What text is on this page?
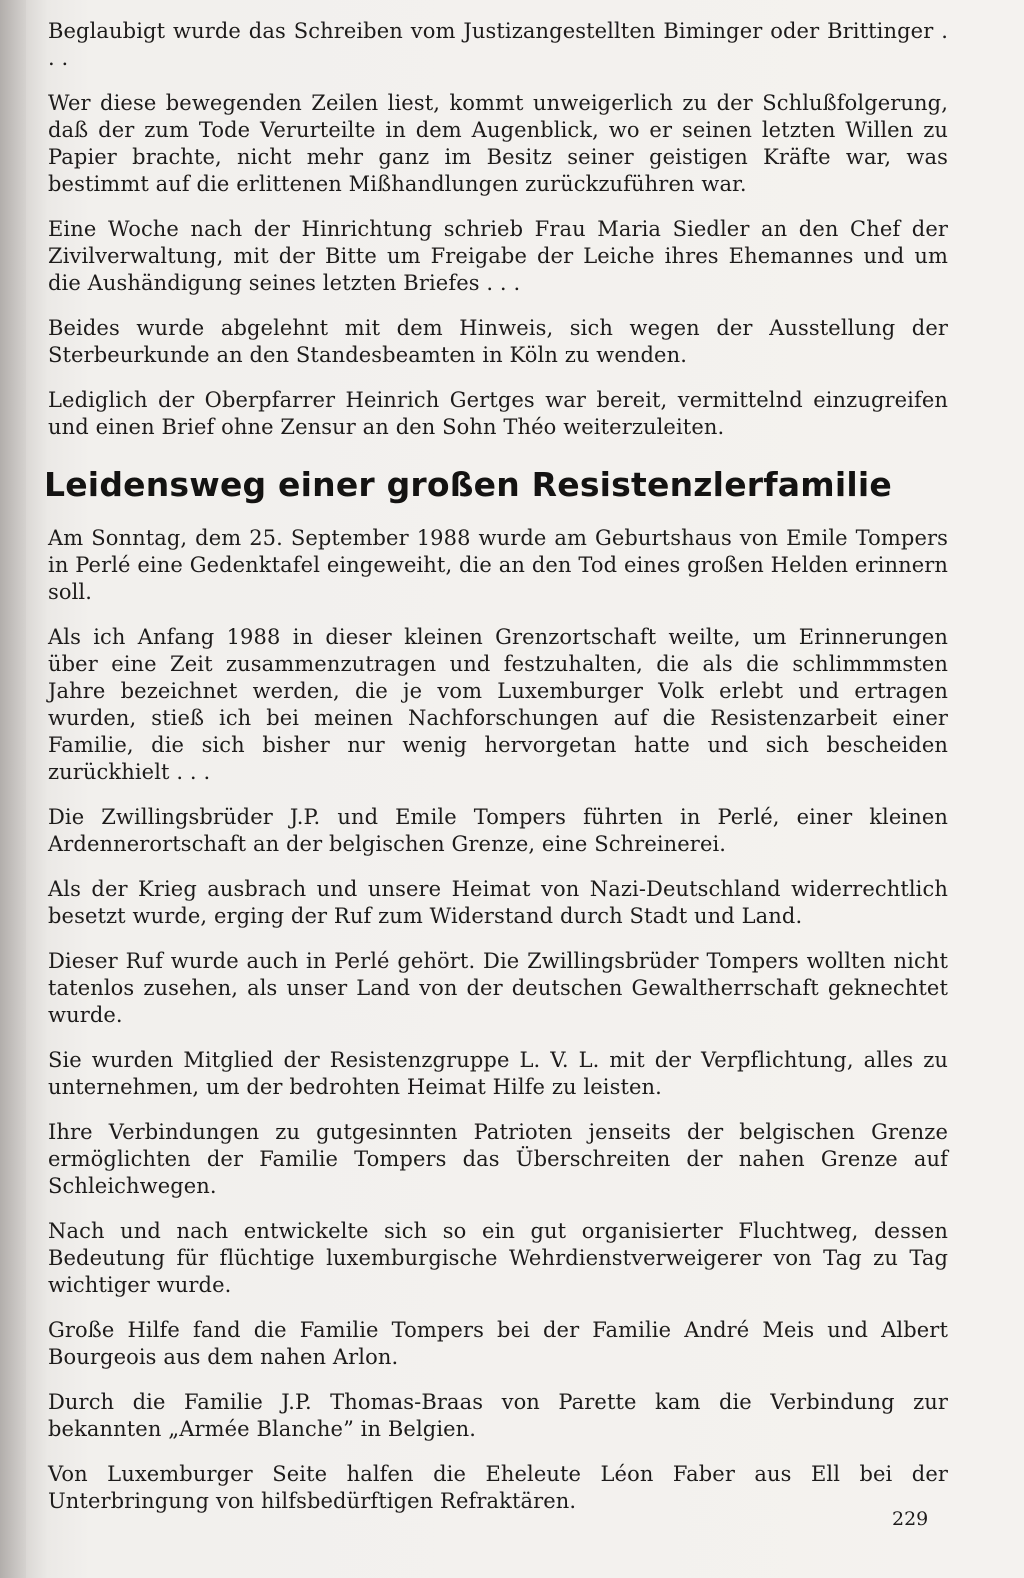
Beglaubigt wurde das Schreiben vom Justizangestellten Biminger oder Brittinger . . .

Wer diese bewegenden Zeilen liest, kommt unweigerlich zu der Schlußfolgerung, daß der zum Tode Verurteilte in dem Augenblick, wo er seinen letzten Willen zu Papier brachte, nicht mehr ganz im Besitz seiner geistigen Kräfte war, was bestimmt auf die erlittenen Mißhandlungen zurückzuführen war.

Eine Woche nach der Hinrichtung schrieb Frau Maria Siedler an den Chef der Zivilverwaltung, mit der Bitte um Freigabe der Leiche ihres Ehemannes und um die Aushändigung seines letzten Briefes . . .

Beides wurde abgelehnt mit dem Hinweis, sich wegen der Ausstellung der Sterbeurkunde an den Standesbeamten in Köln zu wenden.

Lediglich der Oberpfarrer Heinrich Gertges war bereit, vermittelnd einzugreifen und einen Brief ohne Zensur an den Sohn Théo weiterzuleiten.

Leidensweg einer großen Resistenzlerfamilie

Am Sonntag, dem 25. September 1988 wurde am Geburtshaus von Emile Tompers in Perlé eine Gedenktafel eingeweiht, die an den Tod eines großen Helden erinnern soll.

Als ich Anfang 1988 in dieser kleinen Grenzortschaft weilte, um Erinnerungen über eine Zeit zusammenzutragen und festzuhalten, die als die schlimmmsten Jahre bezeichnet werden, die je vom Luxemburger Volk erlebt und ertragen wurden, stieß ich bei meinen Nachforschungen auf die Resistenzarbeit einer Familie, die sich bisher nur wenig hervorgetan hatte und sich bescheiden zurückhielt . . .

Die Zwillingsbrüder J.P. und Emile Tompers führten in Perlé, einer kleinen Ardennerortschaft an der belgischen Grenze, eine Schreinerei.

Als der Krieg ausbrach und unsere Heimat von Nazi-Deutschland widerrechtlich besetzt wurde, erging der Ruf zum Widerstand durch Stadt und Land.

Dieser Ruf wurde auch in Perlé gehört. Die Zwillingsbrüder Tompers wollten nicht tatenlos zusehen, als unser Land von der deutschen Gewaltherrschaft geknechtet wurde.

Sie wurden Mitglied der Resistenzgruppe L. V. L. mit der Verpflichtung, alles zu unternehmen, um der bedrohten Heimat Hilfe zu leisten.

Ihre Verbindungen zu gutgesinnten Patrioten jenseits der belgischen Grenze ermöglichten der Familie Tompers das Überschreiten der nahen Grenze auf Schleichwegen.

Nach und nach entwickelte sich so ein gut organisierter Fluchtweg, dessen Bedeutung für flüchtige luxemburgische Wehrdienstverweigerer von Tag zu Tag wichtiger wurde.

Große Hilfe fand die Familie Tompers bei der Familie André Meis und Albert Bourgeois aus dem nahen Arlon.

Durch die Familie J.P. Thomas-Braas von Parette kam die Verbindung zur bekannten „Armée Blanche” in Belgien.

Von Luxemburger Seite halfen die Eheleute Léon Faber aus Ell bei der Unterbringung von hilfsbedürftigen Refraktären.

229
